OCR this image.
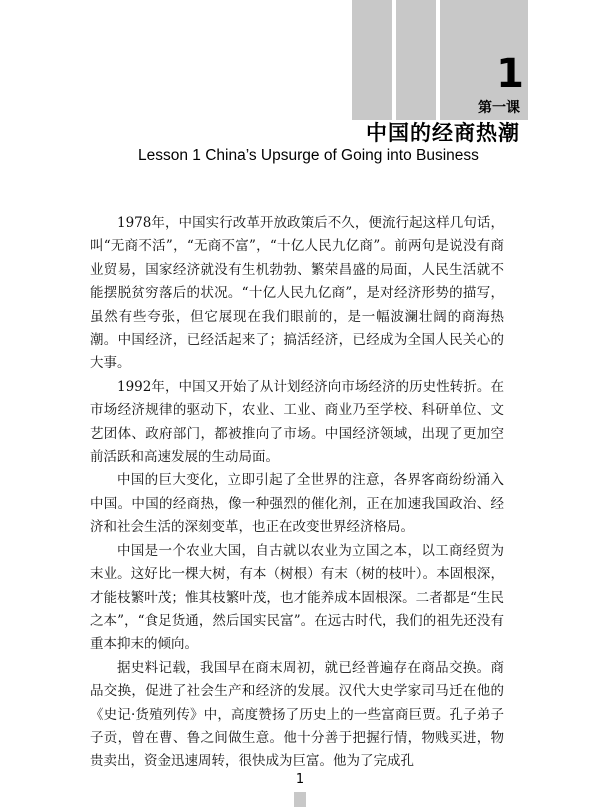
1
第一课
中国的经商热潮
Lesson 1 China’s Upsurge of Going into Business

1978年，中国实行改革开放政策后不久，便流行起这样几句话，叫“无商不活”，“无商不富”，“十亿人民九亿商”。前两句是说没有商业贸易，国家经济就没有生机勃勃、繁荣昌盛的局面，人民生活就不能摆脱贫穷落后的状况。“十亿人民九亿商”，是对经济形势的描写，虽然有些夸张，但它展现在我们眼前的，是一幅波澜壮阔的商海热潮。中国经济，已经活起来了；搞活经济，已经成为全国人民关心的大事。

1992年，中国又开始了从计划经济向市场经济的历史性转折。在市场经济规律的驱动下，农业、工业、商业乃至学校、科研单位、文艺团体、政府部门，都被推向了市场。中国经济领域，出现了更加空前活跃和高速发展的生动局面。

中国的巨大变化，立即引起了全世界的注意，各界客商纷纷涌入中国。中国的经商热，像一种强烈的催化剂，正在加速我国政治、经济和社会生活的深刻变革，也正在改变世界经济格局。

中国是一个农业大国，自古就以农业为立国之本，以工商经贸为末业。这好比一棵大树，有本（树根）有末（树的枝叶）。本固根深，才能枝繁叶茂；惟其枝繁叶茂，也才能养成本固根深。二者都是“生民之本”，“食足货通，然后国实民富”。在远古时代，我们的祖先还没有重本抑末的倾向。

据史料记载，我国早在商末周初，就已经普遍存在商品交换。商品交换，促进了社会生产和经济的发展。汉代大史学家司马迁在他的《史记·货殖列传》中，高度赞扬了历史上的一些富商巨贾。孔子弟子子贡，曾在曹、鲁之间做生意。他十分善于把握行情，物贱买进，物贵卖出，资金迅速周转，很快成为巨富。他为了完成孔

1
